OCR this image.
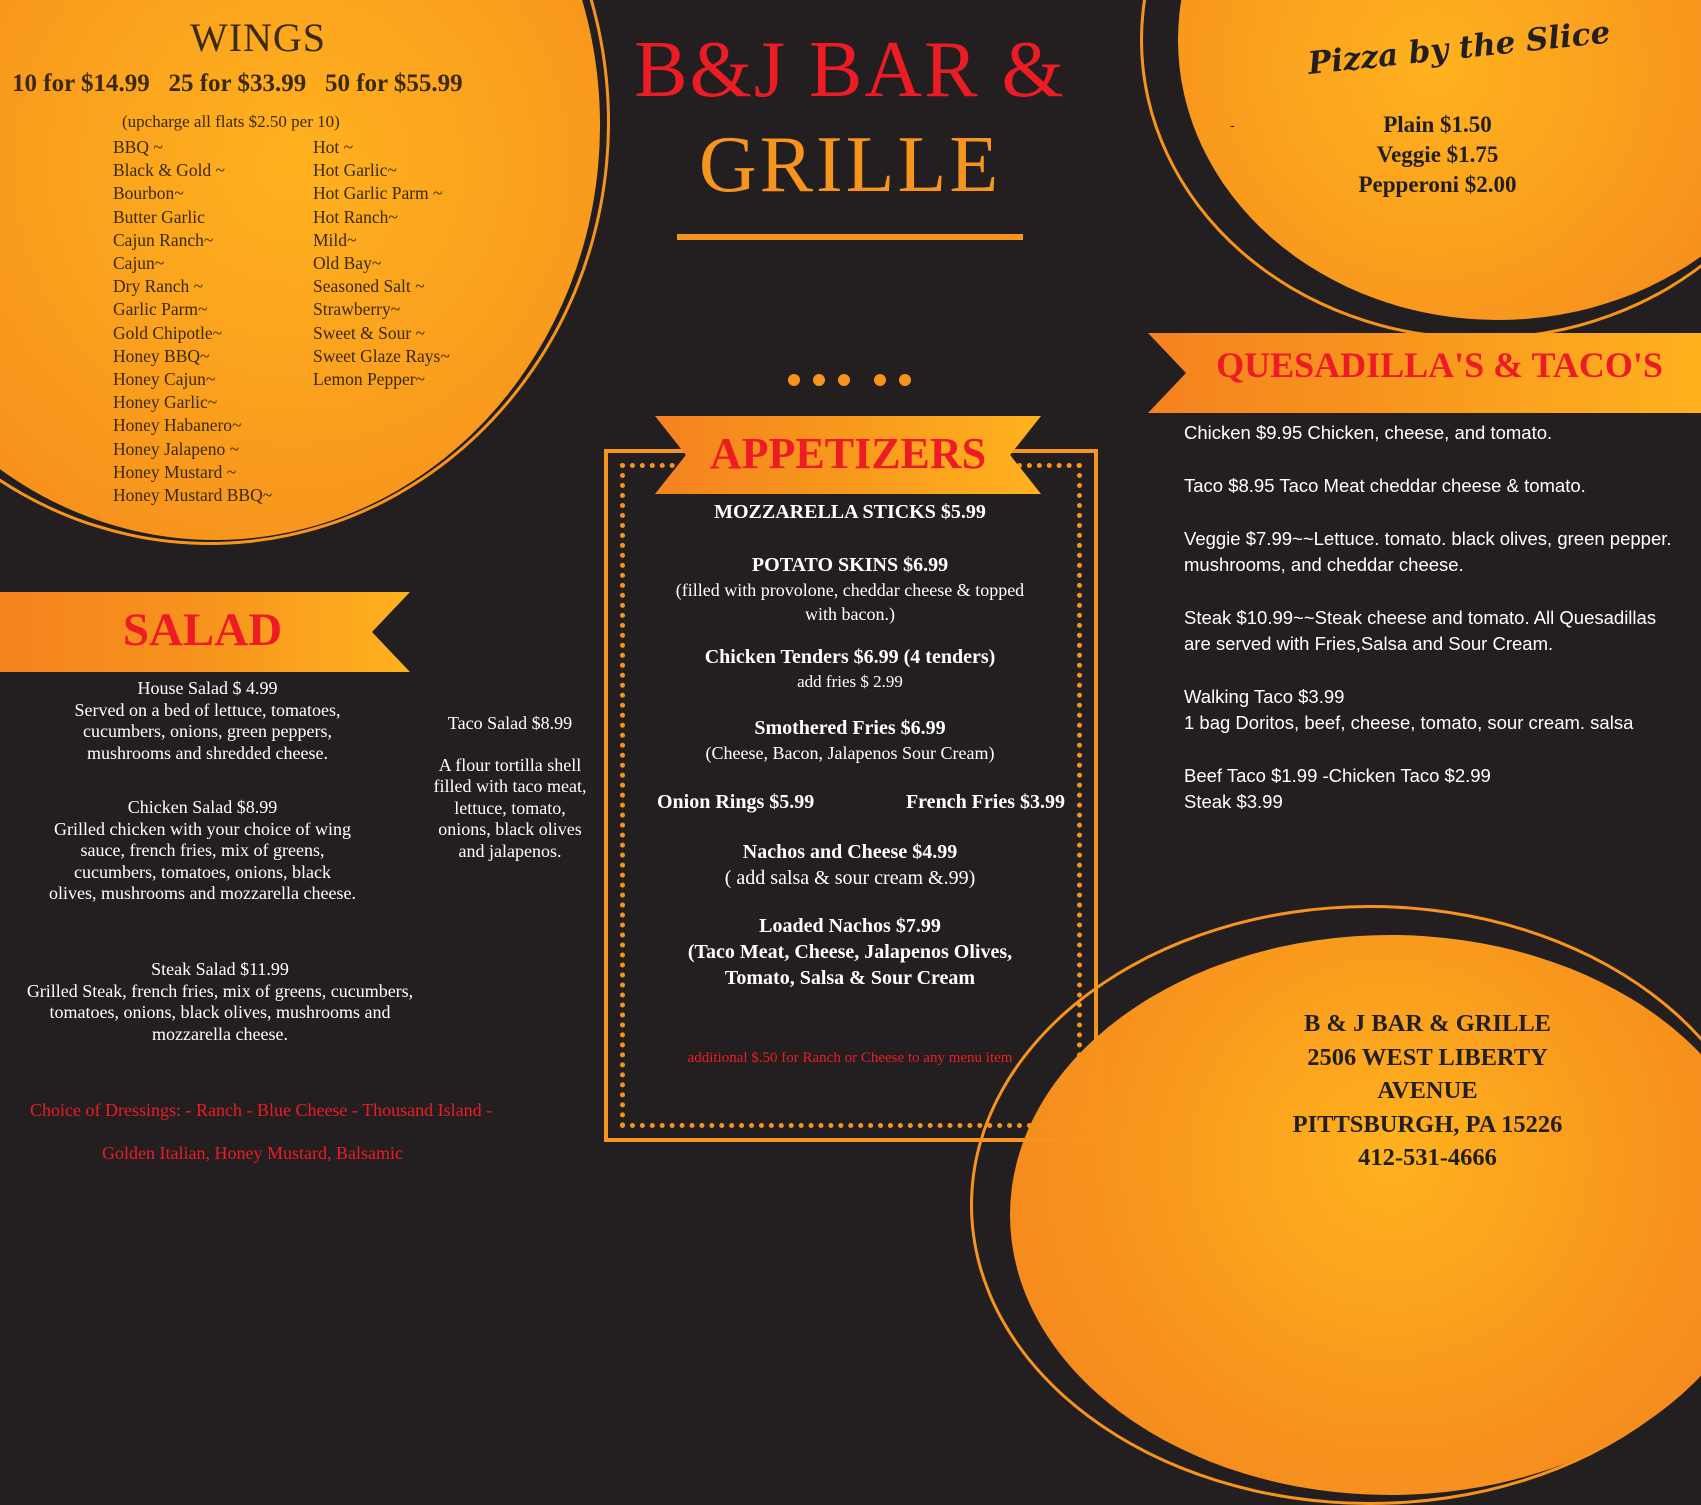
WINGS
10 for $14.99   25 for $33.99   50 for $55.99
(upcharge all flats $2.50 per 10)
BBQ ~
Black & Gold ~
Bourbon~
Butter Garlic
Cajun Ranch~
Cajun~
Dry Ranch ~
Garlic Parm~
Gold Chipotle~
Honey BBQ~
Honey Cajun~
Honey Garlic~
Honey Habanero~
Honey Jalapeno ~
Honey Mustard ~
Honey Mustard BBQ~
Hot ~
Hot Garlic~
Hot Garlic Parm ~
Hot Ranch~
Mild~
Old Bay~
Seasoned Salt ~
Strawberry~
Sweet & Sour ~
Sweet Glaze Rays~
Lemon Pepper~
B&J BAR &
GRILLE
Pizza by the Slice
-	Plain $1.50
Veggie $1.75
Pepperoni $2.00
QUESADILLA'S & TACO'S

Chicken $9.95 Chicken, cheese, and tomato.

Taco $8.95 Taco Meat cheddar cheese & tomato.

Veggie $7.99~~Lettuce. tomato. black olives, green pepper.
mushrooms, and cheddar cheese.

Steak $10.99~~Steak cheese and tomato. All Quesadillas
are served with Fries,Salsa and Sour Cream.

Walking Taco $3.99
1 bag Doritos, beef, cheese, tomato, sour cream. salsa

Beef Taco $1.99 -Chicken Taco $2.99
Steak $3.99

SALAD
House Salad $ 4.99
Served on a bed of lettuce, tomatoes,
cucumbers, onions, green peppers,
mushrooms and shredded cheese.
Chicken Salad $8.99
Grilled chicken with your choice of wing
sauce, french fries, mix of greens,
cucumbers, tomatoes, onions, black
olives, mushrooms and mozzarella cheese.
Steak Salad $11.99
Grilled Steak, french fries, mix of greens, cucumbers,
tomatoes, onions, black olives, mushrooms and
mozzarella cheese.
Taco Salad $8.99
A flour tortilla shell
filled with taco meat,
lettuce, tomato,
onions, black olives
and jalapenos.
Choice of Dressings: - Ranch - Blue Cheese - Thousand Island -
Golden Italian, Honey Mustard, Balsamic
APPETIZERS
MOZZARELLA STICKS $5.99
POTATO SKINS $6.99
(filled with provolone, cheddar cheese & topped
with bacon.)
Chicken Tenders $6.99 (4 tenders)
add fries $ 2.99
Smothered Fries $6.99
(Cheese, Bacon, Jalapenos Sour Cream)
Onion Rings $5.99	French Fries $3.99
Nachos and Cheese $4.99
( add salsa & sour cream &.99)
Loaded Nachos $7.99
(Taco Meat, Cheese, Jalapenos Olives,
Tomato, Salsa & Sour Cream
additional $.50 for Ranch or Cheese to any menu item
B & J BAR & GRILLE
2506 WEST LIBERTY
AVENUE
PITTSBURGH, PA 15226
412-531-4666
